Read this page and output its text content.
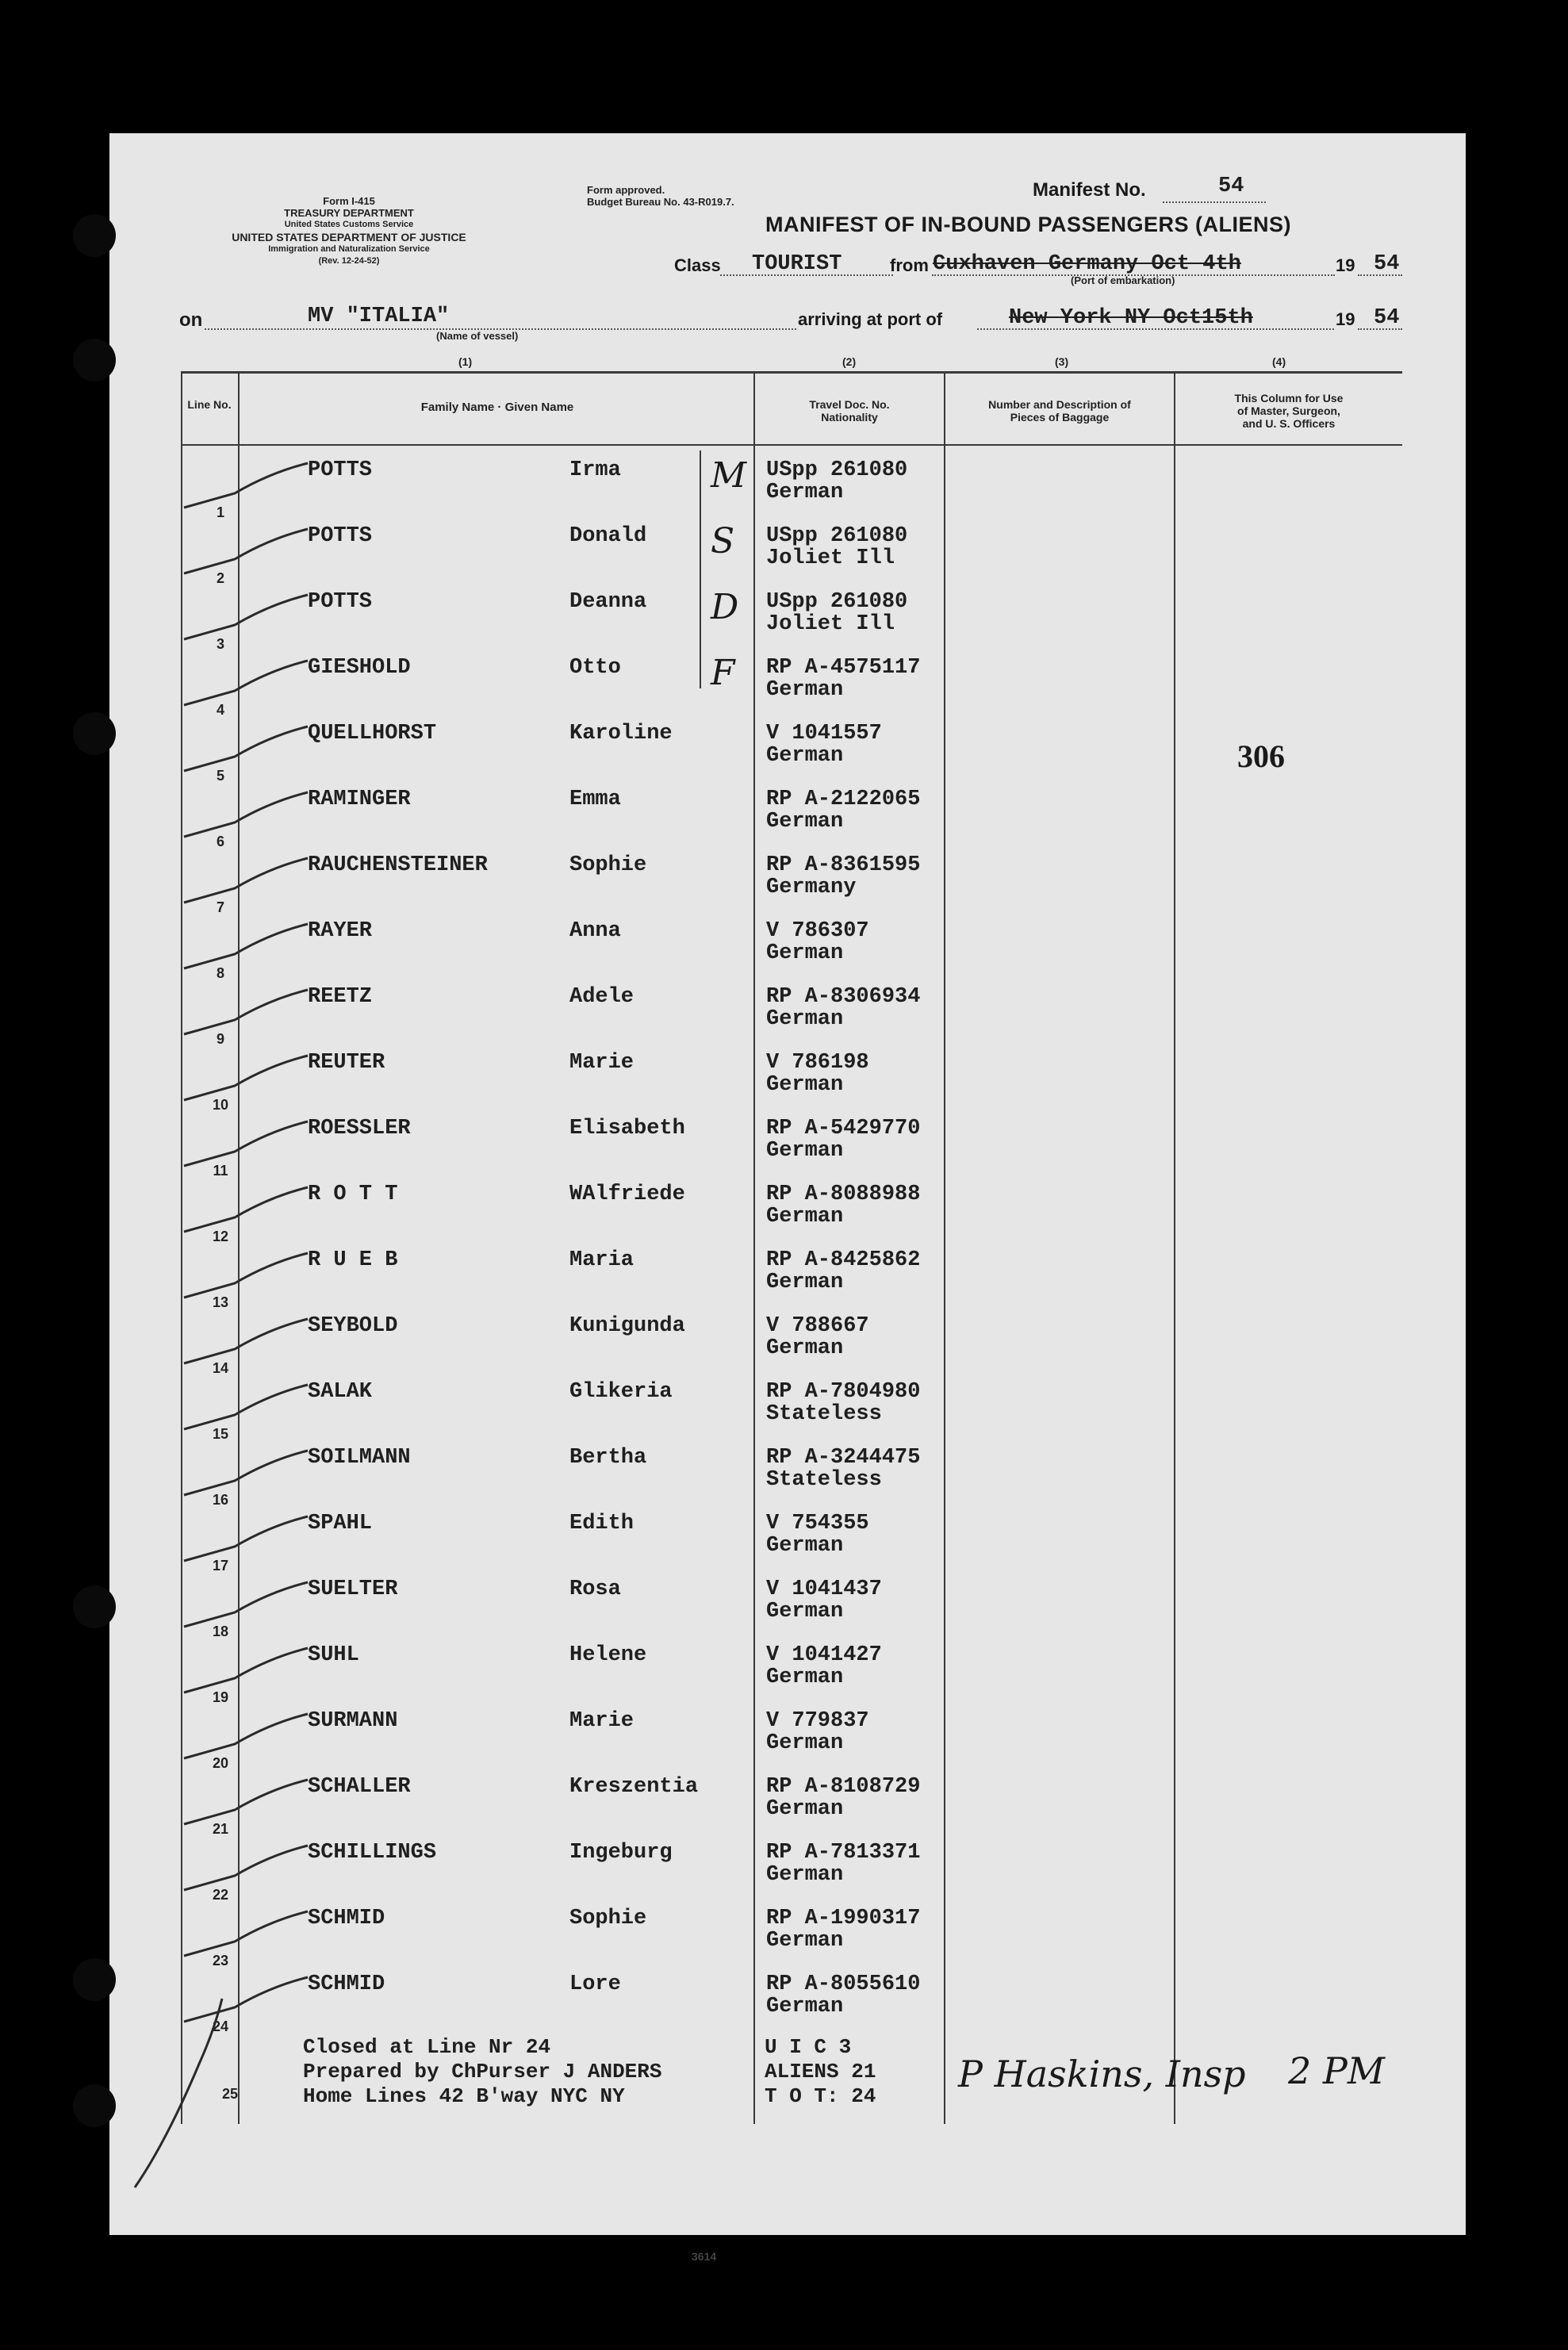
Form I-415
TREASURY DEPARTMENT
United States Customs Service
UNITED STATES DEPARTMENT OF JUSTICE
Immigration and Naturalization Service
(Rev. 12-24-52)
Form approved.
Budget Bureau No. 43-R019.7.
Manifest No.	54
MANIFEST OF IN-BOUND PASSENGERS (ALIENS)
Class TOURIST	from Cuxhaven Germany Oct 4th
(Port of embarkation)
19 54
on	MV "ITALIA"
(Name of vessel)
arriving at port of	New York NY Oct15th	19 54
(1)	(2)	(3)	(4)
Line No.	Family Name · Given Name	Travel Doc. No.
Nationality
Number and Description of
Pieces of Baggage
This Column for Use
of Master, Surgeon,
and U. S. Officers
1
POTTS	Irma	USpp 261080
German
M
2
POTTS	Donald	USpp 261080
Joliet Ill
S
3
POTTS	Deanna	USpp 261080
Joliet Ill
D
4
GIESHOLD	Otto	RP A-4575117
German
F
5
QUELLHORST	Karoline	V 1041557
German
6
RAMINGER	Emma	RP A-2122065
German
7
RAUCHENSTEINER	Sophie	RP A-8361595
Germany
8
RAYER	Anna	V 786307
German
9
REETZ	Adele	RP A-8306934
German
10
REUTER	Marie	V 786198
German
11
ROESSLER	Elisabeth	RP A-5429770
German
12
R O T T	WAlfriede	RP A-8088988
German
13
R U E B	Maria	RP A-8425862
German
14
SEYBOLD	Kunigunda	V 788667
German
15
SALAK	Glikeria	RP A-7804980
Stateless
16
SOILMANN	Bertha	RP A-3244475
Stateless
17
SPAHL	Edith	V 754355
German
18
SUELTER	Rosa	V 1041437
German
19
SUHL	Helene	V 1041427
German
20
SURMANN	Marie	V 779837
German
21
SCHALLER	Kreszentia	RP A-8108729
German
22
SCHILLINGS	Ingeburg	RP A-7813371
German
23
SCHMID	Sophie	RP A-1990317
German
24
SCHMID	Lore	RP A-8055610
German
25
Closed at Line Nr 24
Prepared by ChPurser J ANDERS
Home Lines 42 B'way NYC NY
U I C 3
ALIENS 21
T O T: 24
306
P Haskins, Insp 2 PM
3614
